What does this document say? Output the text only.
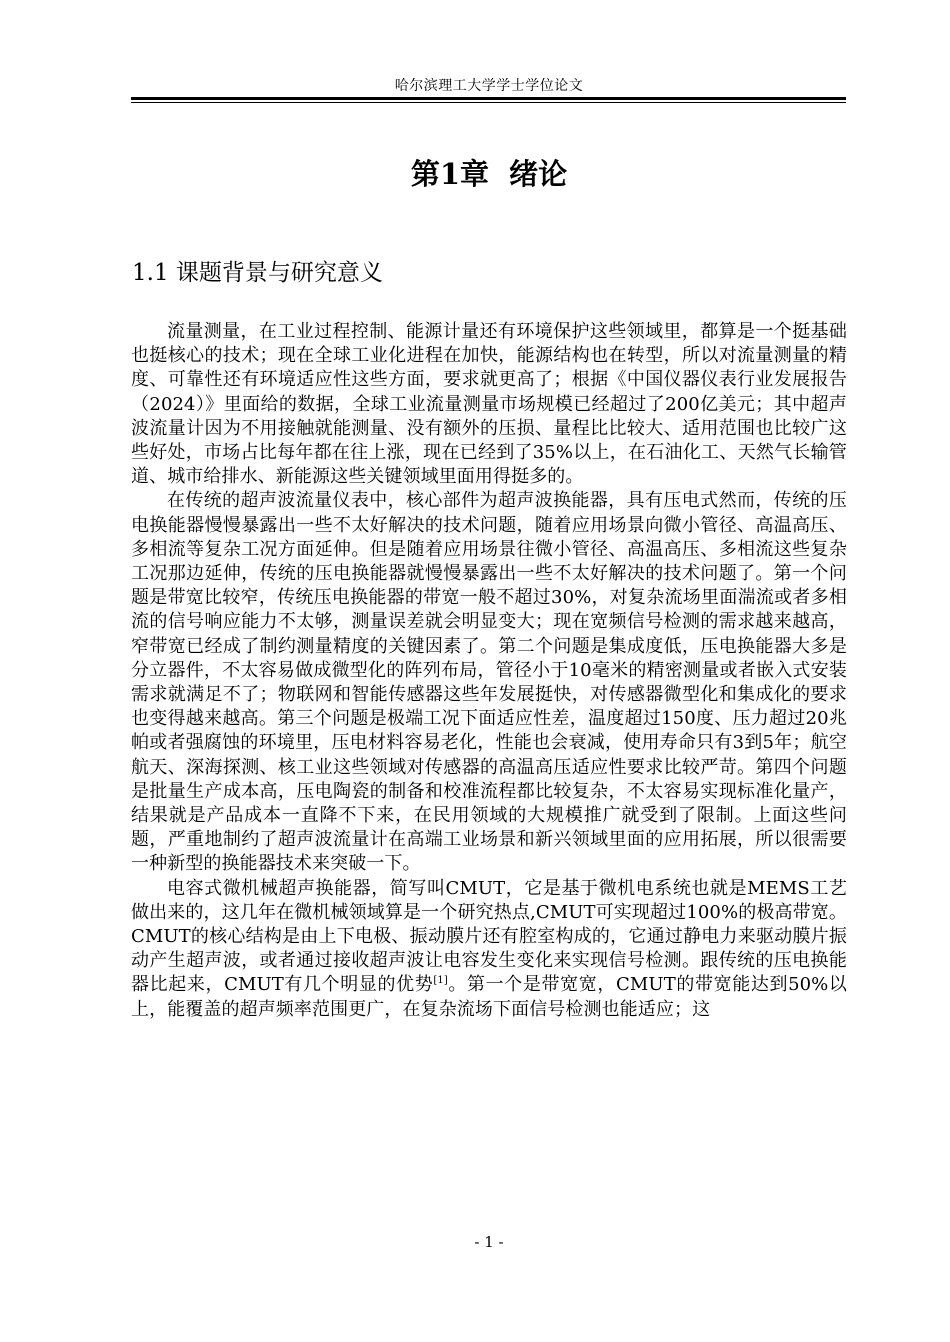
哈尔滨理工大学学士学位论文
第1章  绪论
1.1 课题背景与研究意义

流量测量，在工业过程控制、能源计量还有环境保护这些领域里，都算是一个挺基础也挺核心的技术；现在全球工业化进程在加快，能源结构也在转型，所以对流量测量的精度、可靠性还有环境适应性这些方面，要求就更高了；根据《中国仪器仪表行业发展报告（2024）》里面给的数据，全球工业流量测量市场规模已经超过了200亿美元；其中超声波流量计因为不用接触就能测量、没有额外的压损、量程比比较大、适用范围也比较广这些好处，市场占比每年都在往上涨，现在已经到了35%以上，在石油化工、天然气长输管道、城市给排水、新能源这些关键领域里面用得挺多的。

在传统的超声波流量仪表中，核心部件为超声波换能器，具有压电式然而，传统的压电换能器慢慢暴露出一些不太好解决的技术问题，随着应用场景向微小管径、高温高压、多相流等复杂工况方面延伸。但是随着应用场景往微小管径、高温高压、多相流这些复杂工况那边延伸，传统的压电换能器就慢慢暴露出一些不太好解决的技术问题了。第一个问题是带宽比较窄，传统压电换能器的带宽一般不超过30%，对复杂流场里面湍流或者多相流的信号响应能力不太够，测量误差就会明显变大；现在宽频信号检测的需求越来越高，窄带宽已经成了制约测量精度的关键因素了。第二个问题是集成度低，压电换能器大多是分立器件，不太容易做成微型化的阵列布局，管径小于10毫米的精密测量或者嵌入式安装需求就满足不了；物联网和智能传感器这些年发展挺快，对传感器微型化和集成化的要求也变得越来越高。第三个问题是极端工况下面适应性差，温度超过150度、压力超过20兆帕或者强腐蚀的环境里，压电材料容易老化，性能也会衰减，使用寿命只有3到5年；航空航天、深海探测、核工业这些领域对传感器的高温高压适应性要求比较严苛。第四个问题是批量生产成本高，压电陶瓷的制备和校准流程都比较复杂，不太容易实现标准化量产，结果就是产品成本一直降不下来，在民用领域的大规模推广就受到了限制。上面这些问题，严重地制约了超声波流量计在高端工业场景和新兴领域里面的应用拓展，所以很需要一种新型的换能器技术来突破一下。

电容式微机械超声换能器，简写叫CMUT，它是基于微机电系统也就是MEMS工艺做出来的，这几年在微机械领域算是一个研究热点,CMUT可实现超过100%的极高带宽。CMUT的核心结构是由上下电极、振动膜片还有腔室构成的，它通过静电力来驱动膜片振动产生超声波，或者通过接收超声波让电容发生变化来实现信号检测。跟传统的压电换能器比起来，CMUT有几个明显的优势[1]。第一个是带宽宽，CMUT的带宽能达到50%以上，能覆盖的超声频率范围更广，在复杂流场下面信号检测也能适应；这

- 1 -
